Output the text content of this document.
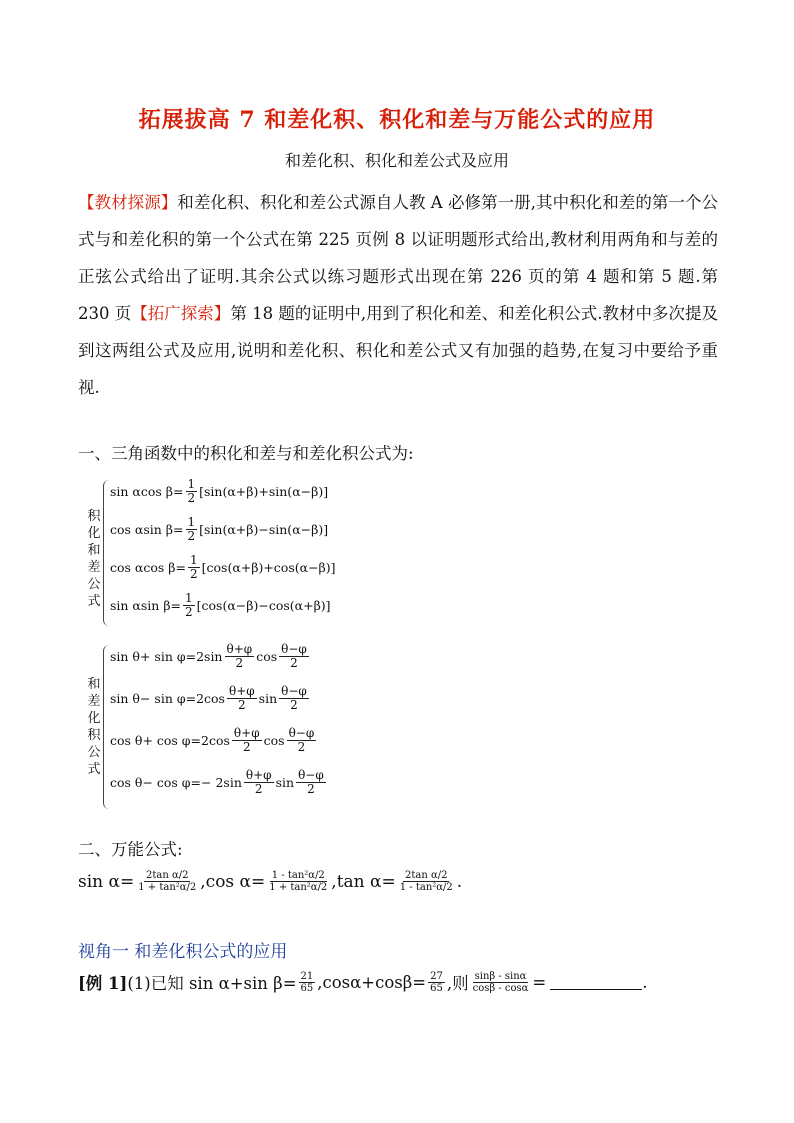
拓展拔高 7 和差化积、积化和差与万能公式的应用
和差化积、积化和差公式及应用
【教材探源】和差化积、积化和差公式源自人教 A 必修第一册,其中积化和差的第一个公式与和差化积的第一个公式在第 225 页例 8 以证明题形式给出,教材利用两角和与差的正弦公式给出了证明.其余公式以练习题形式出现在第 226 页的第 4 题和第 5 题.第 230 页【拓广探索】第 18 题的证明中,用到了积化和差、和差化积公式.教材中多次提及到这两组公式及应用,说明和差化积、积化和差公式又有加强的趋势,在复习中要给予重视.
一、三角函数中的积化和差与和差化积公式为:
积
化
和
差
公
式
sin αcos $\beta= \frac{1}{2} [\sin(\alpha+\beta)+\sin(\alpha-\beta)]$
cos αsin $\beta= \frac{1}{2} [\sin(\alpha+\beta)-\sin(\alpha-\beta)]$
cos αcos $\beta= \frac{1}{2} [\cos(\alpha+\beta)+\cos(\alpha-\beta)]$
sin αsin $\beta= \frac{1}{2} [\cos(\alpha-\beta)-\cos(\alpha+\beta)]$
和
差
化
积
公
式
$\sin \theta+ \sin \varphi=2\sin \frac{\theta+\varphi}{2}$ $\cos \frac{\theta-\varphi}{2}$
$\sin \theta- \sin \varphi=2\cos \frac{\theta+\varphi}{2}$ $\sin \frac{\theta-\varphi}{2}$
$\cos \theta+ \cos \varphi=2\cos \frac{\theta+\varphi}{2}$ $\cos \frac{\theta-\varphi}{2}$
$\cos \theta- \cos \varphi=- 2\sin \frac{\theta+\varphi}{2}$ $\sin \frac{\theta-\varphi}{2}$
二、万能公式:
$\sin \alpha= \frac{\text{2tan α/2}}{\text{1 + tan²α/2}}$ , $\cos \alpha= \frac{\text{1 - tan²α/2}}{\text{1 + tan²α/2}}$ , $\tan \alpha= \frac{\text{2tan α/2}}{\text{1 - tan²α/2}}$ .
视角一 和差化积公式的应用
[例 1] (1)已知 sin α+sin $\beta= \frac{21}{65} ,\cos\alpha+\cos\beta= \frac{27}{65}$ ,则 $\frac{\sin\beta - \sin\alpha}{\cos\beta - \cos\alpha}$ =	.
